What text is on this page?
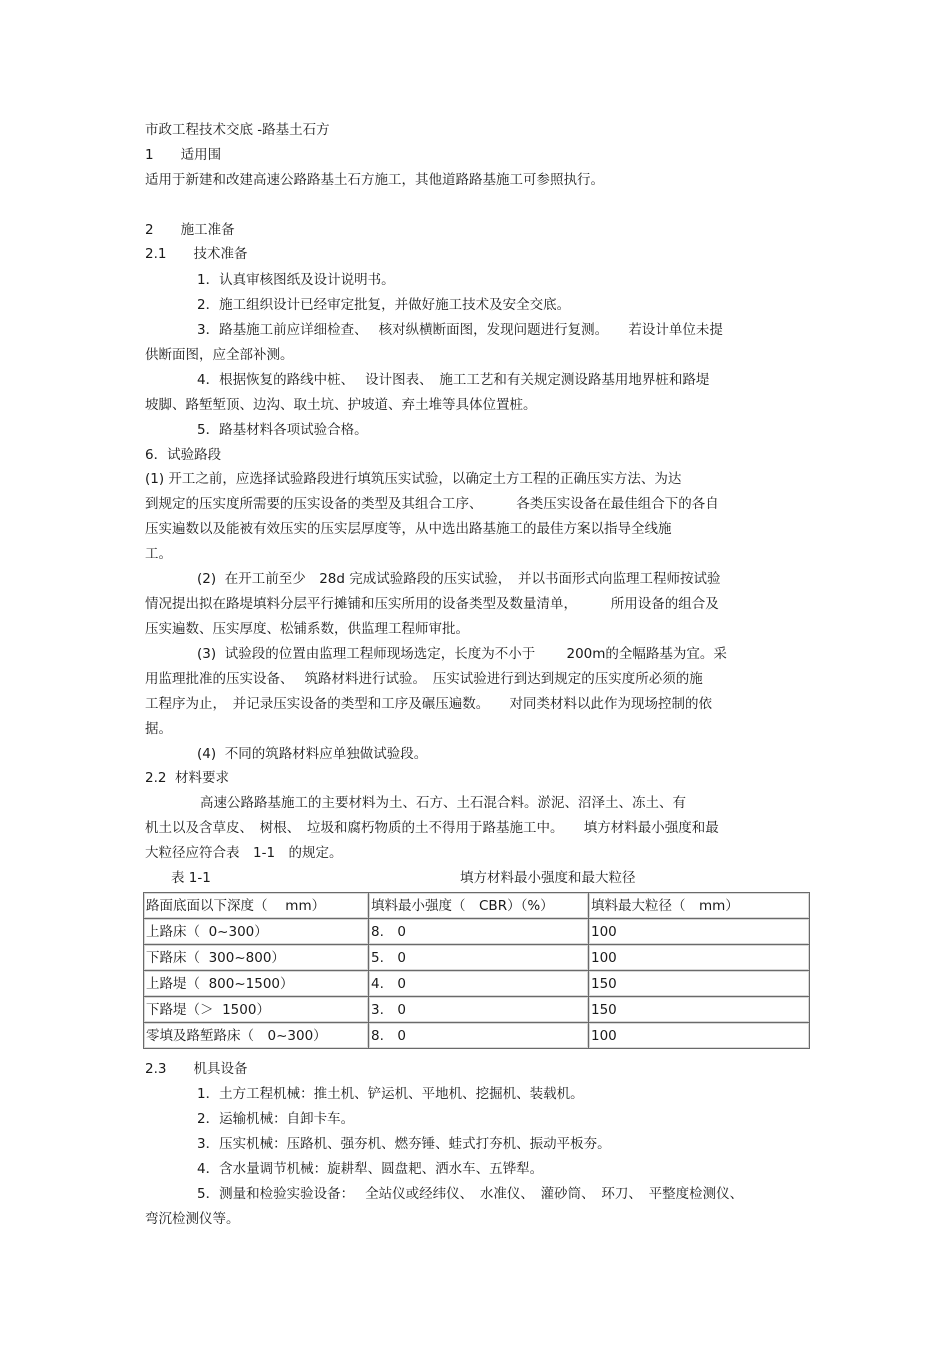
市政工程技术交底 -路基土石方
1　　适用围
适用于新建和改建高速公路路基土石方施工，其他道路路基施工可参照执行。
2　　施工准备
2.1　　技术准备
1．认真审核图纸及设计说明书。
2．施工组织设计已经审定批复，并做好施工技术及安全交底。
3．路基施工前应详细检查、　 核对纵横断面图，发现问题进行复测。　　若设计单位未提
供断面图，应全部补测。
4．根据恢复的路线中桩、　 设计图表、　施工工艺和有关规定测设路基用地界桩和路堤
坡脚、路堑堑顶、边沟、取土坑、护坡道、弃土堆等具体位置桩。
5．路基材料各项试验合格。
6．试验路段
(1) 开工之前，应选择试验路段进行填筑压实试验，以确定土方工程的正确压实方法、为达
到规定的压实度所需要的压实设备的类型及其组合工序、　　　各类压实设备在最佳组合下的各自
压实遍数以及能被有效压实的压实层厚度等，从中选出路基施工的最佳方案以指导全线施
工。
(2)  在开工前至少　28d 完成试验路段的压实试验，　并以书面形式向监理工程师按试验
情况提出拟在路堤填料分层平行摊铺和压实所用的设备类型及数量清单，　　　所用设备的组合及
压实遍数、压实厚度、松铺系数，供监理工程师审批。
(3)  试验段的位置由监理工程师现场选定，长度为不小于　　 200m的全幅路基为宜。采
用监理批准的压实设备、　 筑路材料进行试验。　压实试验进行到达到规定的压实度所必须的施
工程序为止，　并记录压实设备的类型和工序及碾压遍数。　　对同类材料以此作为现场控制的依
据。
(4)  不同的筑路材料应单独做试验段。
2.2  材料要求
高速公路路基施工的主要材料为土、石方、土石混合料。淤泥、沼泽土、冻土、有
机土以及含草皮、　树根、　垃圾和腐朽物质的土不得用于路基施工中。　　填方材料最小强度和最
大粒径应符合表　1-1　的规定。
表 1-1	填方材料最小强度和最大粒径
路面底面以下深度（　 mm）	填料最小强度（　CBR）（%）	填料最大粒径（　mm）
上路床（  0~300）	8.　0	100
下路床（  300~800）	5.　0	100
上路堤（  800~1500）	4.　0	150
下路堤（＞  1500）	3.　0	150
零填及路堑路床（　0~300）	8.　0	100
2.3　　机具设备
1．土方工程机械：推土机、铲运机、平地机、挖掘机、装载机。
2．运输机械：自卸卡车。
3．压实机械：压路机、强夯机、燃夯锤、蛙式打夯机、振动平板夯。
4．含水量调节机械：旋耕犁、圆盘耙、洒水车、五铧犁。
5．测量和检验实验设备：　 全站仪或经纬仪、　水准仪、　灌砂筒、　环刀、　平整度检测仪、
弯沉检测仪等。
